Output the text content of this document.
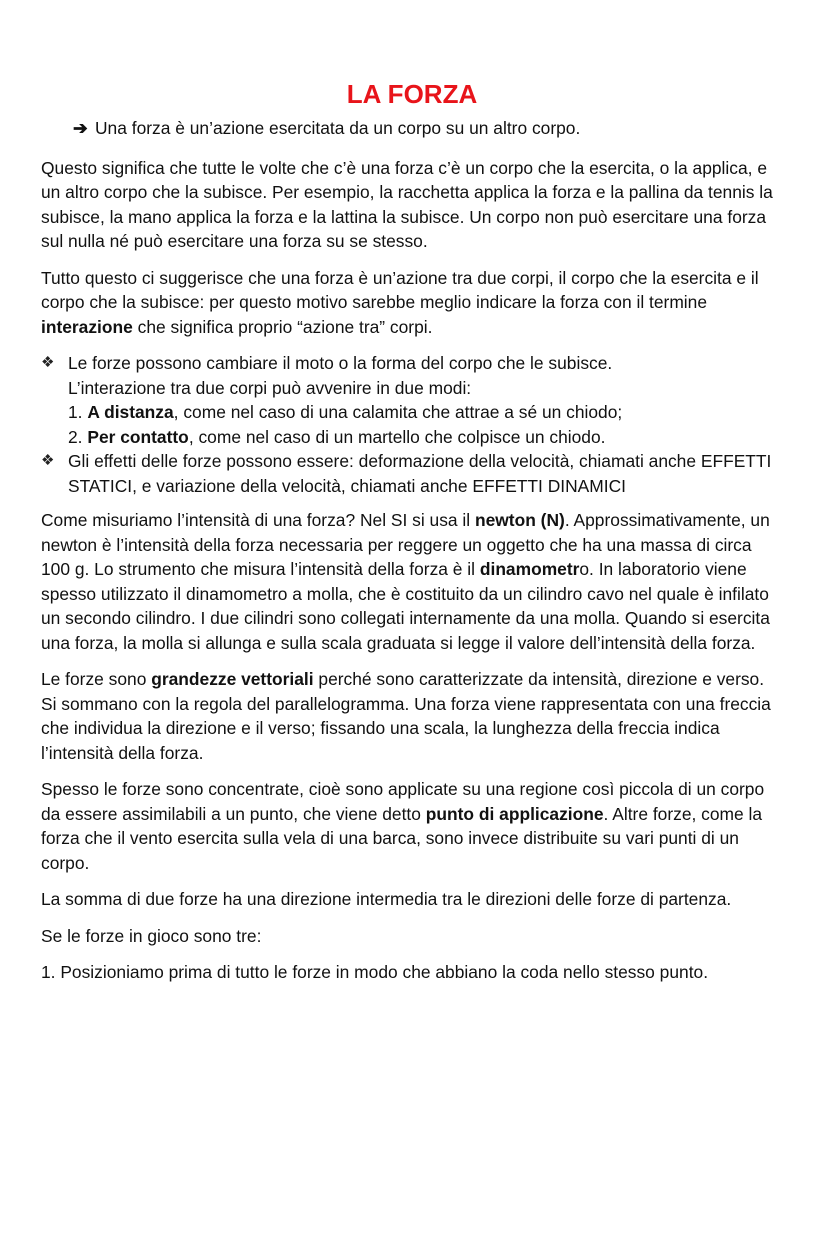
LA FORZA
➔ Una forza è un’azione esercitata da un corpo su un altro corpo.

Questo significa che tutte le volte che c’è una forza c’è un corpo che la esercita, o la applica, e un altro corpo che la subisce. Per esempio, la racchetta applica la forza e la pallina da tennis la subisce, la mano applica la forza e la lattina la subisce. Un corpo non può esercitare una forza sul nulla né può esercitare una forza su se stesso.

Tutto questo ci suggerisce che una forza è un’azione tra due corpi, il corpo che la esercita e il corpo che la subisce: per questo motivo sarebbe meglio indicare la forza con il termine interazione che significa proprio “azione tra” corpi.

❖ Le forze possono cambiare il moto o la forma del corpo che le subisce.
L’interazione tra due corpi può avvenire in due modi:
1. A distanza, come nel caso di una calamita che attrae a sé un chiodo;
2. Per contatto, come nel caso di un martello che colpisce un chiodo.
❖ Gli effetti delle forze possono essere: deformazione della velocità, chiamati anche EFFETTI STATICI, e variazione della velocità, chiamati anche EFFETTI DINAMICI

Come misuriamo l’intensità di una forza? Nel SI si usa il newton (N). Approssimativamente, un newton è l’intensità della forza necessaria per reggere un oggetto che ha una massa di circa 100 g. Lo strumento che misura l’intensità della forza è il dinamometro. In laboratorio viene spesso utilizzato il dinamometro a molla, che è costituito da un cilindro cavo nel quale è infilato un secondo cilindro. I due cilindri sono collegati internamente da una molla. Quando si esercita una forza, la molla si allunga e sulla scala graduata si legge il valore dell’intensità della forza.

Le forze sono grandezze vettoriali perché sono caratterizzate da intensità, direzione e verso. Si sommano con la regola del parallelogramma. Una forza viene rappresentata con una freccia che individua la direzione e il verso; fissando una scala, la lunghezza della freccia indica l’intensità della forza.

Spesso le forze sono concentrate, cioè sono applicate su una regione così piccola di un corpo da essere assimilabili a un punto, che viene detto punto di applicazione. Altre forze, come la forza che il vento esercita sulla vela di una barca, sono invece distribuite su vari punti di un corpo.

La somma di due forze ha una direzione intermedia tra le direzioni delle forze di partenza.

Se le forze in gioco sono tre:

1. Posizioniamo prima di tutto le forze in modo che abbiano la coda nello stesso punto.
